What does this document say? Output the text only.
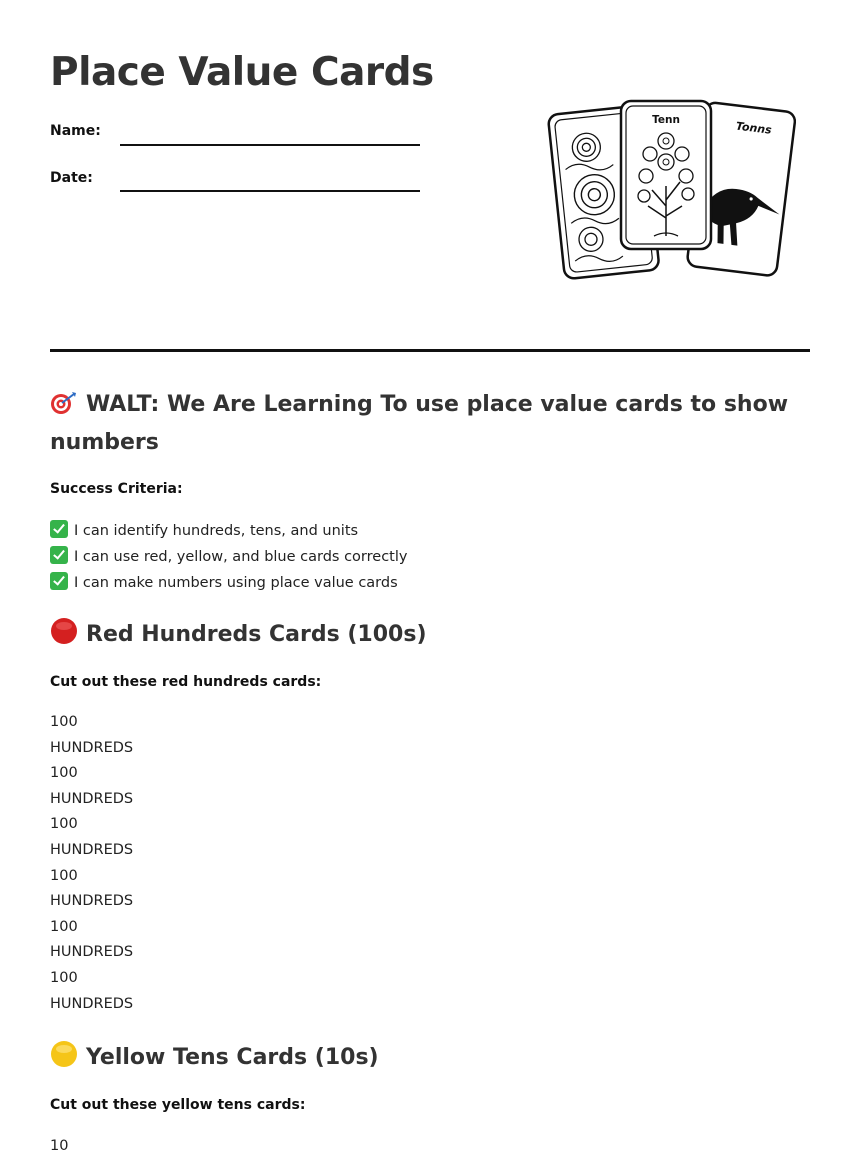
Place Value Cards
Name:
Date:
Tonns
Tenn
WALT: We Are Learning To use place value cards to show numbers
Success Criteria:
I can identify hundreds, tens, and units
I can use red, yellow, and blue cards correctly
I can make numbers using place value cards
Red Hundreds Cards (100s)
Cut out these red hundreds cards:
100
HUNDREDS
100
HUNDREDS
100
HUNDREDS
100
HUNDREDS
100
HUNDREDS
100
HUNDREDS
Yellow Tens Cards (10s)
Cut out these yellow tens cards:
10
